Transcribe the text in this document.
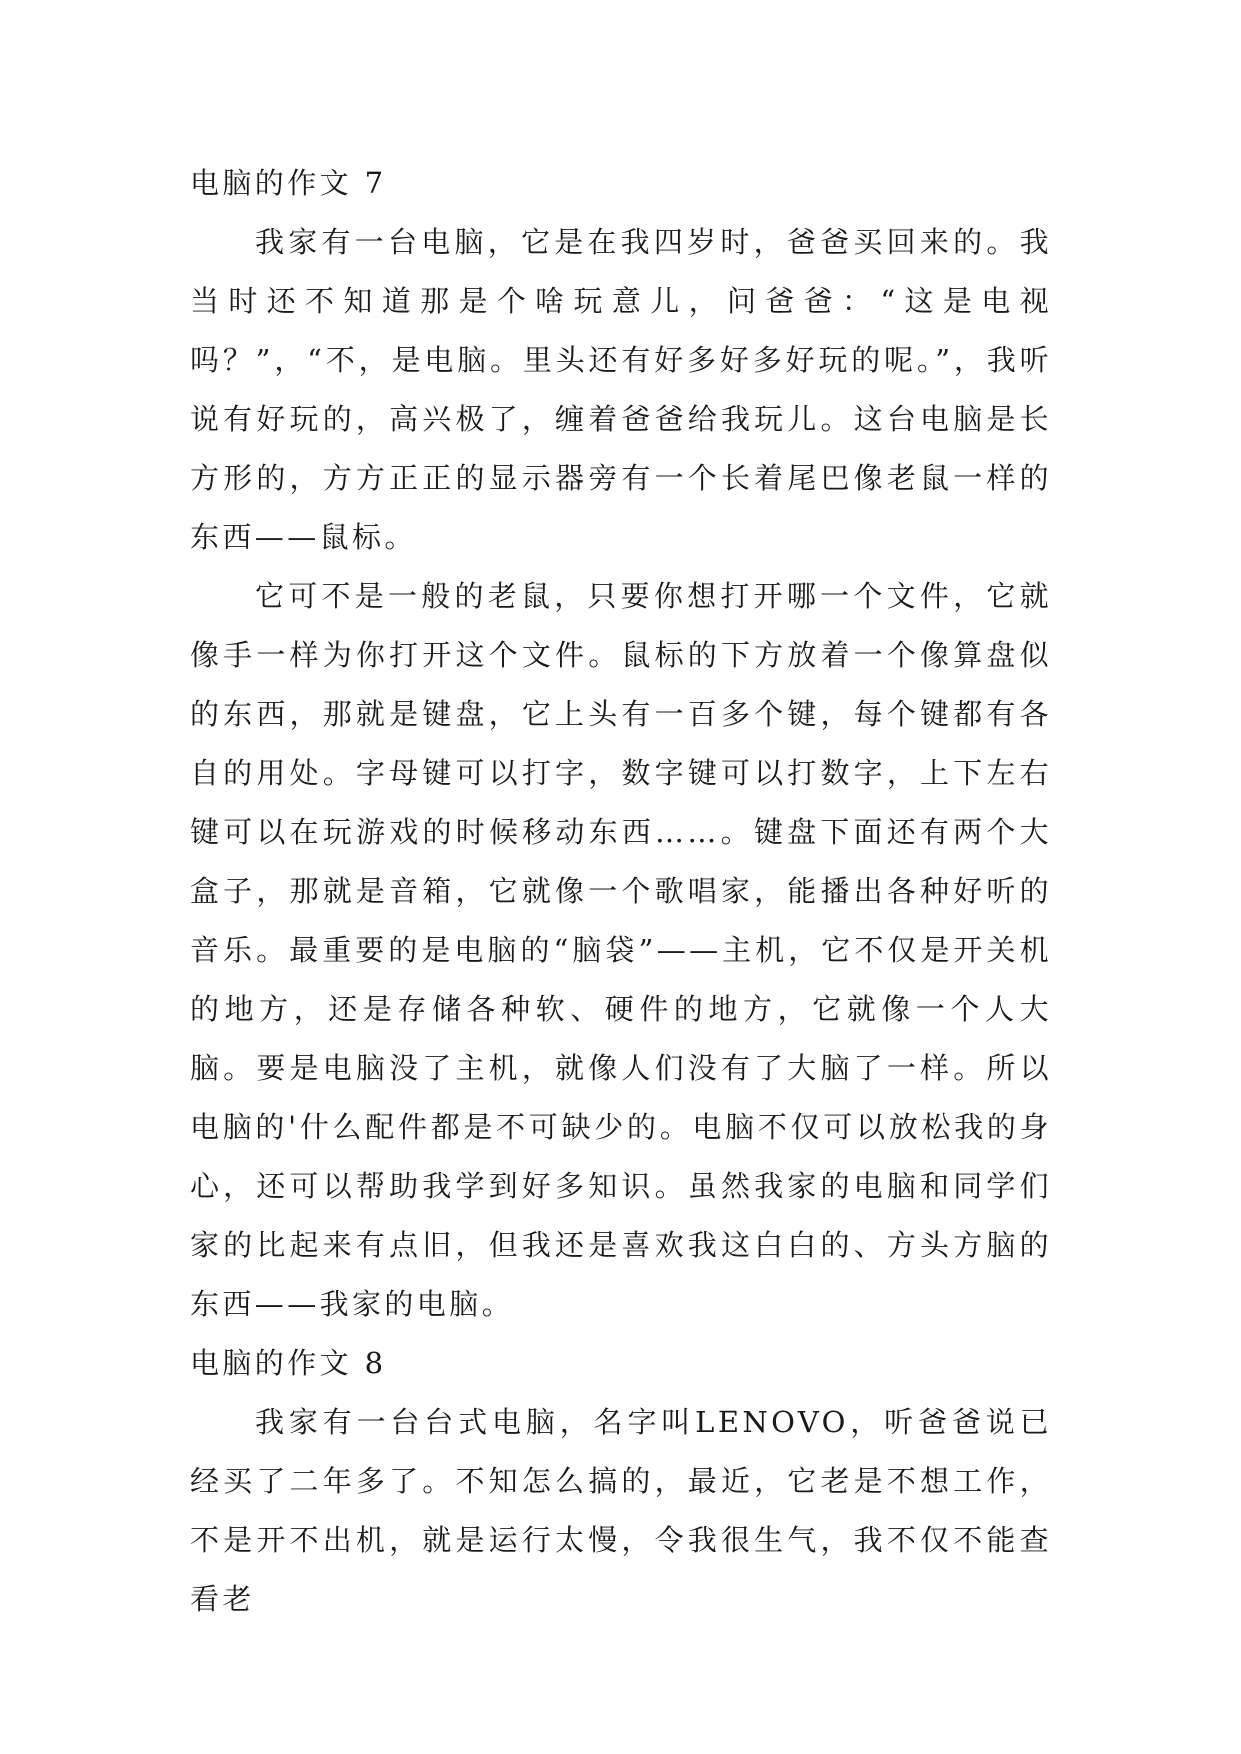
电脑的作文 7

我家有一台电脑，它是在我四岁时，爸爸买回来的。我当时还不知道那是个啥玩意儿，问爸爸：“这是电视吗？”，“不，是电脑。里头还有好多好多好玩的呢。”，我听说有好玩的，高兴极了，缠着爸爸给我玩儿。这台电脑是长方形的，方方正正的显示器旁有一个长着尾巴像老鼠一样的东西——鼠标。

它可不是一般的老鼠，只要你想打开哪一个文件，它就像手一样为你打开这个文件。鼠标的下方放着一个像算盘似的东西，那就是键盘，它上头有一百多个键，每个键都有各自的用处。字母键可以打字，数字键可以打数字，上下左右键可以在玩游戏的时候移动东西……。键盘下面还有两个大盒子，那就是音箱，它就像一个歌唱家，能播出各种好听的音乐。最重要的是电脑的“脑袋”——主机，它不仅是开关机的地方，还是存储各种软、硬件的地方，它就像一个人大脑。要是电脑没了主机，就像人们没有了大脑了一样。所以电脑的'什么配件都是不可缺少的。电脑不仅可以放松我的身心，还可以帮助我学到好多知识。虽然我家的电脑和同学们家的比起来有点旧，但我还是喜欢我这白白的、方头方脑的东西——我家的电脑。

电脑的作文 8

我家有一台台式电脑，名字叫LENOVO，听爸爸说已经买了二年多了。不知怎么搞的，最近，它老是不想工作，不是开不出机，就是运行太慢，令我很生气，我不仅不能查看老
